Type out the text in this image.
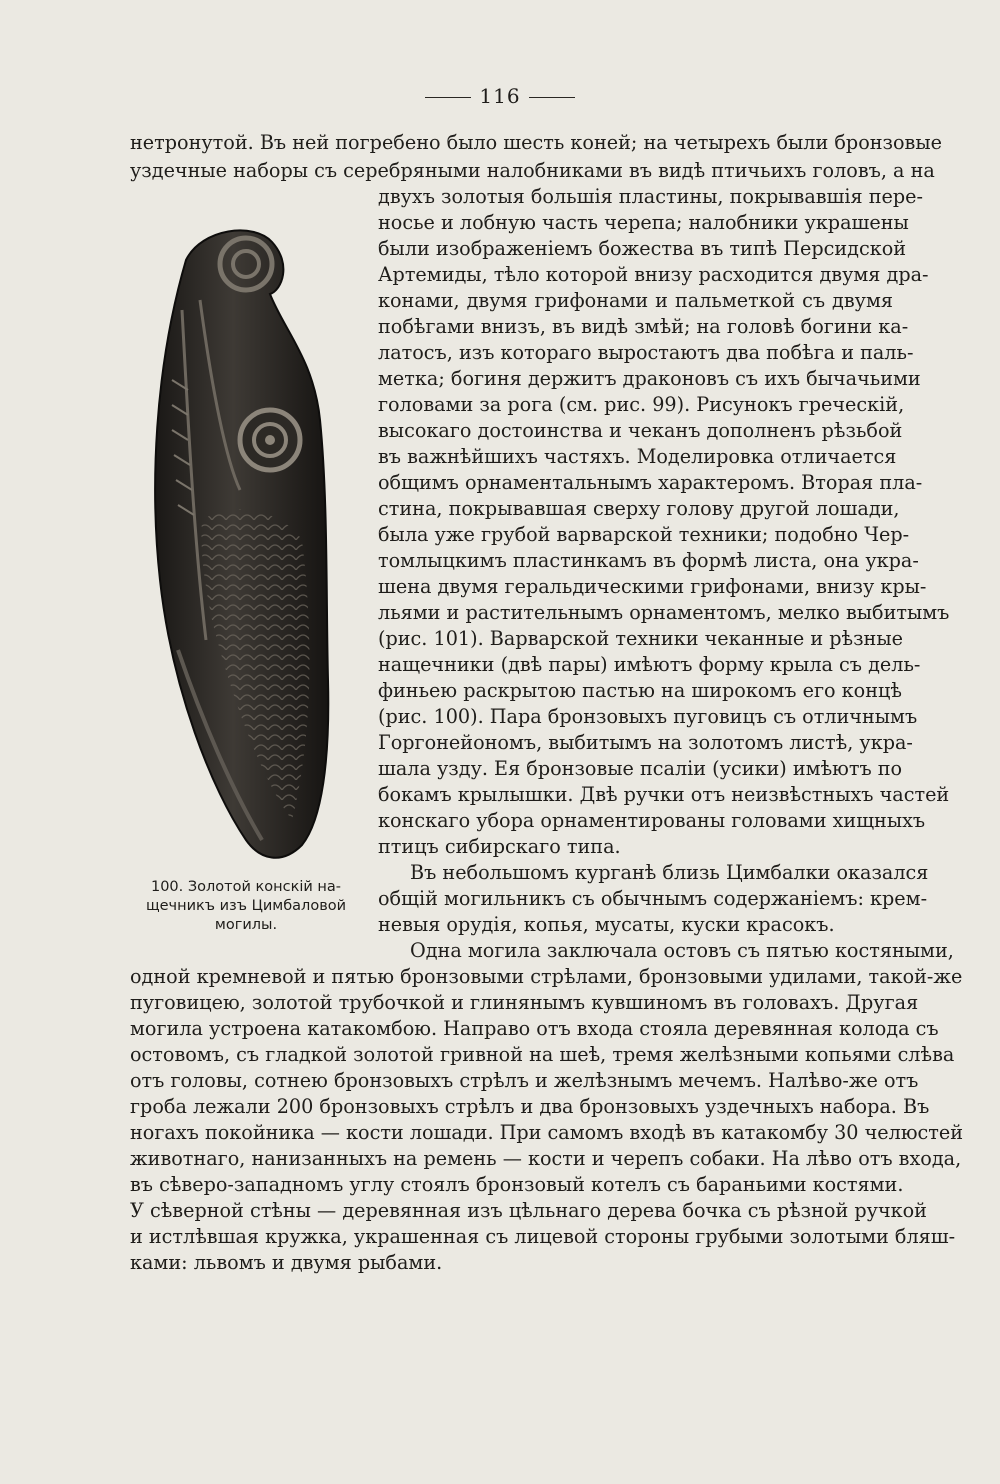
116
нетронутой. Въ ней погребено было шесть коней; на четырехъ были бронзовые
уздечные наборы съ серебряными налобниками въ видѣ птичьихъ головъ, а на
двухъ золотыя большія пластины, покрывавшія пере-
носье и лобную часть черепа; налобники украшены
были изображеніемъ божества въ типѣ Персидской
Артемиды, тѣло которой внизу расходится двумя дра-
конами, двумя грифонами и пальметкой съ двумя
побѣгами внизъ, въ видѣ змѣй; на головѣ богини ка-
латосъ, изъ котораго выростаютъ два побѣга и паль-
метка; богиня держитъ драконовъ съ ихъ бычачьими
головами за рога (см. рис. 99). Рисунокъ греческій,
высокаго достоинства и чеканъ дополненъ рѣзьбой
въ важнѣйшихъ частяхъ. Моделировка отличается
общимъ орнаментальнымъ характеромъ. Вторая пла-
стина, покрывавшая сверху голову другой лошади,
была уже грубой варварской техники; подобно Чер-
томлыцкимъ пластинкамъ въ формѣ листа, она укра-
шена двумя геральдическими грифонами, внизу кры-
льями и растительнымъ орнаментомъ, мелко выбитымъ
(рис. 101). Варварской техники чеканные и рѣзные
нащечники (двѣ пары) имѣютъ форму крыла съ дель-
финьею раскрытою пастью на широкомъ его концѣ
(рис. 100). Пара бронзовыхъ пуговицъ съ отличнымъ
Горгонейономъ, выбитымъ на золотомъ листѣ, укра-
шала узду. Ея бронзовые псаліи (усики) имѣютъ по
бокамъ крылышки. Двѣ ручки отъ неизвѣстныхъ частей
конскаго убора орнаментированы головами хищныхъ
птицъ сибирскаго типа.
Въ небольшомъ курганѣ близь Цимбалки оказался
общій могильникъ съ обычнымъ содержаніемъ: крем-
невыя орудія, копья, мусаты, куски красокъ.
Одна могила заключала остовъ съ пятью костяными,
одной кремневой и пятью бронзовыми стрѣлами, бронзовыми удилами, такой-же
пуговицею, золотой трубочкой и глинянымъ кувшиномъ въ головахъ. Другая
могила устроена катакомбою. Направо отъ входа стояла деревянная колода съ
остовомъ, съ гладкой золотой гривной на шеѣ, тремя желѣзными копьями слѣва
отъ головы, сотнею бронзовыхъ стрѣлъ и желѣзнымъ мечемъ. Налѣво-же отъ
гроба лежали 200 бронзовыхъ стрѣлъ и два бронзовыхъ уздечныхъ набора. Въ
ногахъ покойника — кости лошади. При самомъ входѣ въ катакомбу 30 челюстей
животнаго, нанизанныхъ на ремень — кости и черепъ собаки. На лѣво отъ входа,
въ сѣверо-западномъ углу стоялъ бронзовый котелъ съ бараньими костями.
У сѣверной стѣны — деревянная изъ цѣльнаго дерева бочка съ рѣзной ручкой
и истлѣвшая кружка, украшенная съ лицевой стороны грубыми золотыми бляш-
ками: львомъ и двумя рыбами.
100. Золотой конскій на-
щечникъ изъ Цимбаловой
могилы.
